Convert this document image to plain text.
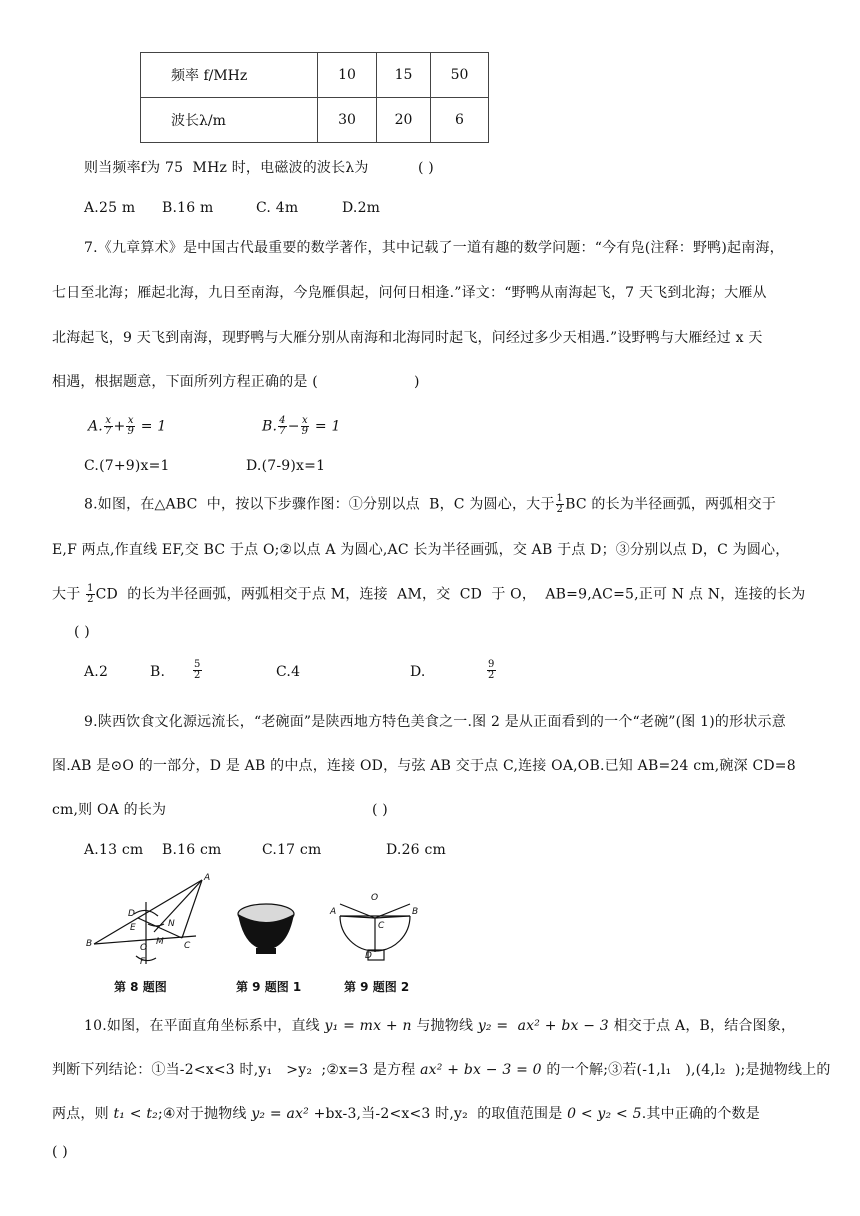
频率 f/MHz	10	15	50
波长λ/m	30	20	6
则当频率f为 75  MHz 时，电磁波的波长λ为	( )
A.25 m B.16 m	C. 4m	D.2m
7.《九章算术》是中国古代最重要的数学著作，其中记载了一道有趣的数学问题：“今有凫(注释：野鸭)起南海，
七日至北海；雁起北海，九日至南海，今凫雁俱起，问何日相逢.”译文：“野鸭从南海起飞，7 天飞到北海；大雁从
北海起飞，9 天飞到南海，现野鸭与大雁分别从南海和北海同时起飞，问经过多少天相遇.”设野鸭与大雁经过 x 天
相遇，根据题意，下面所列方程正确的是 (	)
A. $\frac{x}{7} + \frac{x}{9} = 1$	B. $\frac{4}{7} - \frac{x}{9} = 1$
C.(7+9)x=1	D.(7-9)x=1
8.如图，在△ABC  中，按以下步骤作图：①分别以点  B，C 为圆心，大于 $\frac{1}{2}$ BC 的长为半径画弧，两弧相交于
E,F 两点,作直线 EF,交 BC 于点 O;②以点 A 为圆心,AC 长为半径画弧，交 AB 于点 D；③分别以点 D，C 为圆心，
大于 $\frac{1}{2}$ CD  的长为半径画弧，两弧相交于点 M，连接  AM，交  CD  于 O，  AB=9,AC=5,正可 N 点 N，连接的长为
( )
A.2	B.	$\frac{5}{2}$	C.4	D.	$\frac{9}{2}$
9.陕西饮食文化源远流长，“老碗面”是陕西地方特色美食之一.图 2 是从正面看到的一个“老碗”(图 1)的形状示意
图.AB 是⊙O 的一部分，D 是 AB 的中点，连接 OD，与弦 AB 交于点 C,连接 OA,OB.已知 AB=24 cm,碗深 CD=8
cm,则 OA 的长为	( )
A.13 cm B.16 cm	C.17 cm	D.26 cm
A
D
E	N
B	O
M C
F
O
A	B
C
D
第 8 题图	第 9 题图 1	第 9 题图 2
10.如图，在平面直角坐标系中，直线 y₁ = mx + n 与抛物线 y₂ =  ax² + bx − 3 相交于点 A，B，结合图象，
判断下列结论：①当-2<x<3 时,y₁   >y₂  ;②x=3 是方程 ax² + bx − 3 = 0 的一个解;③若(-1,l₁   ),(4,l₂  );是抛物线上的
两点，则 t₁ < t₂;④对于抛物线 y₂ = ax² +bx-3,当-2<x<3 时,y₂  的取值范围是 0 < y₂ < 5.其中正确的个数是
( )
